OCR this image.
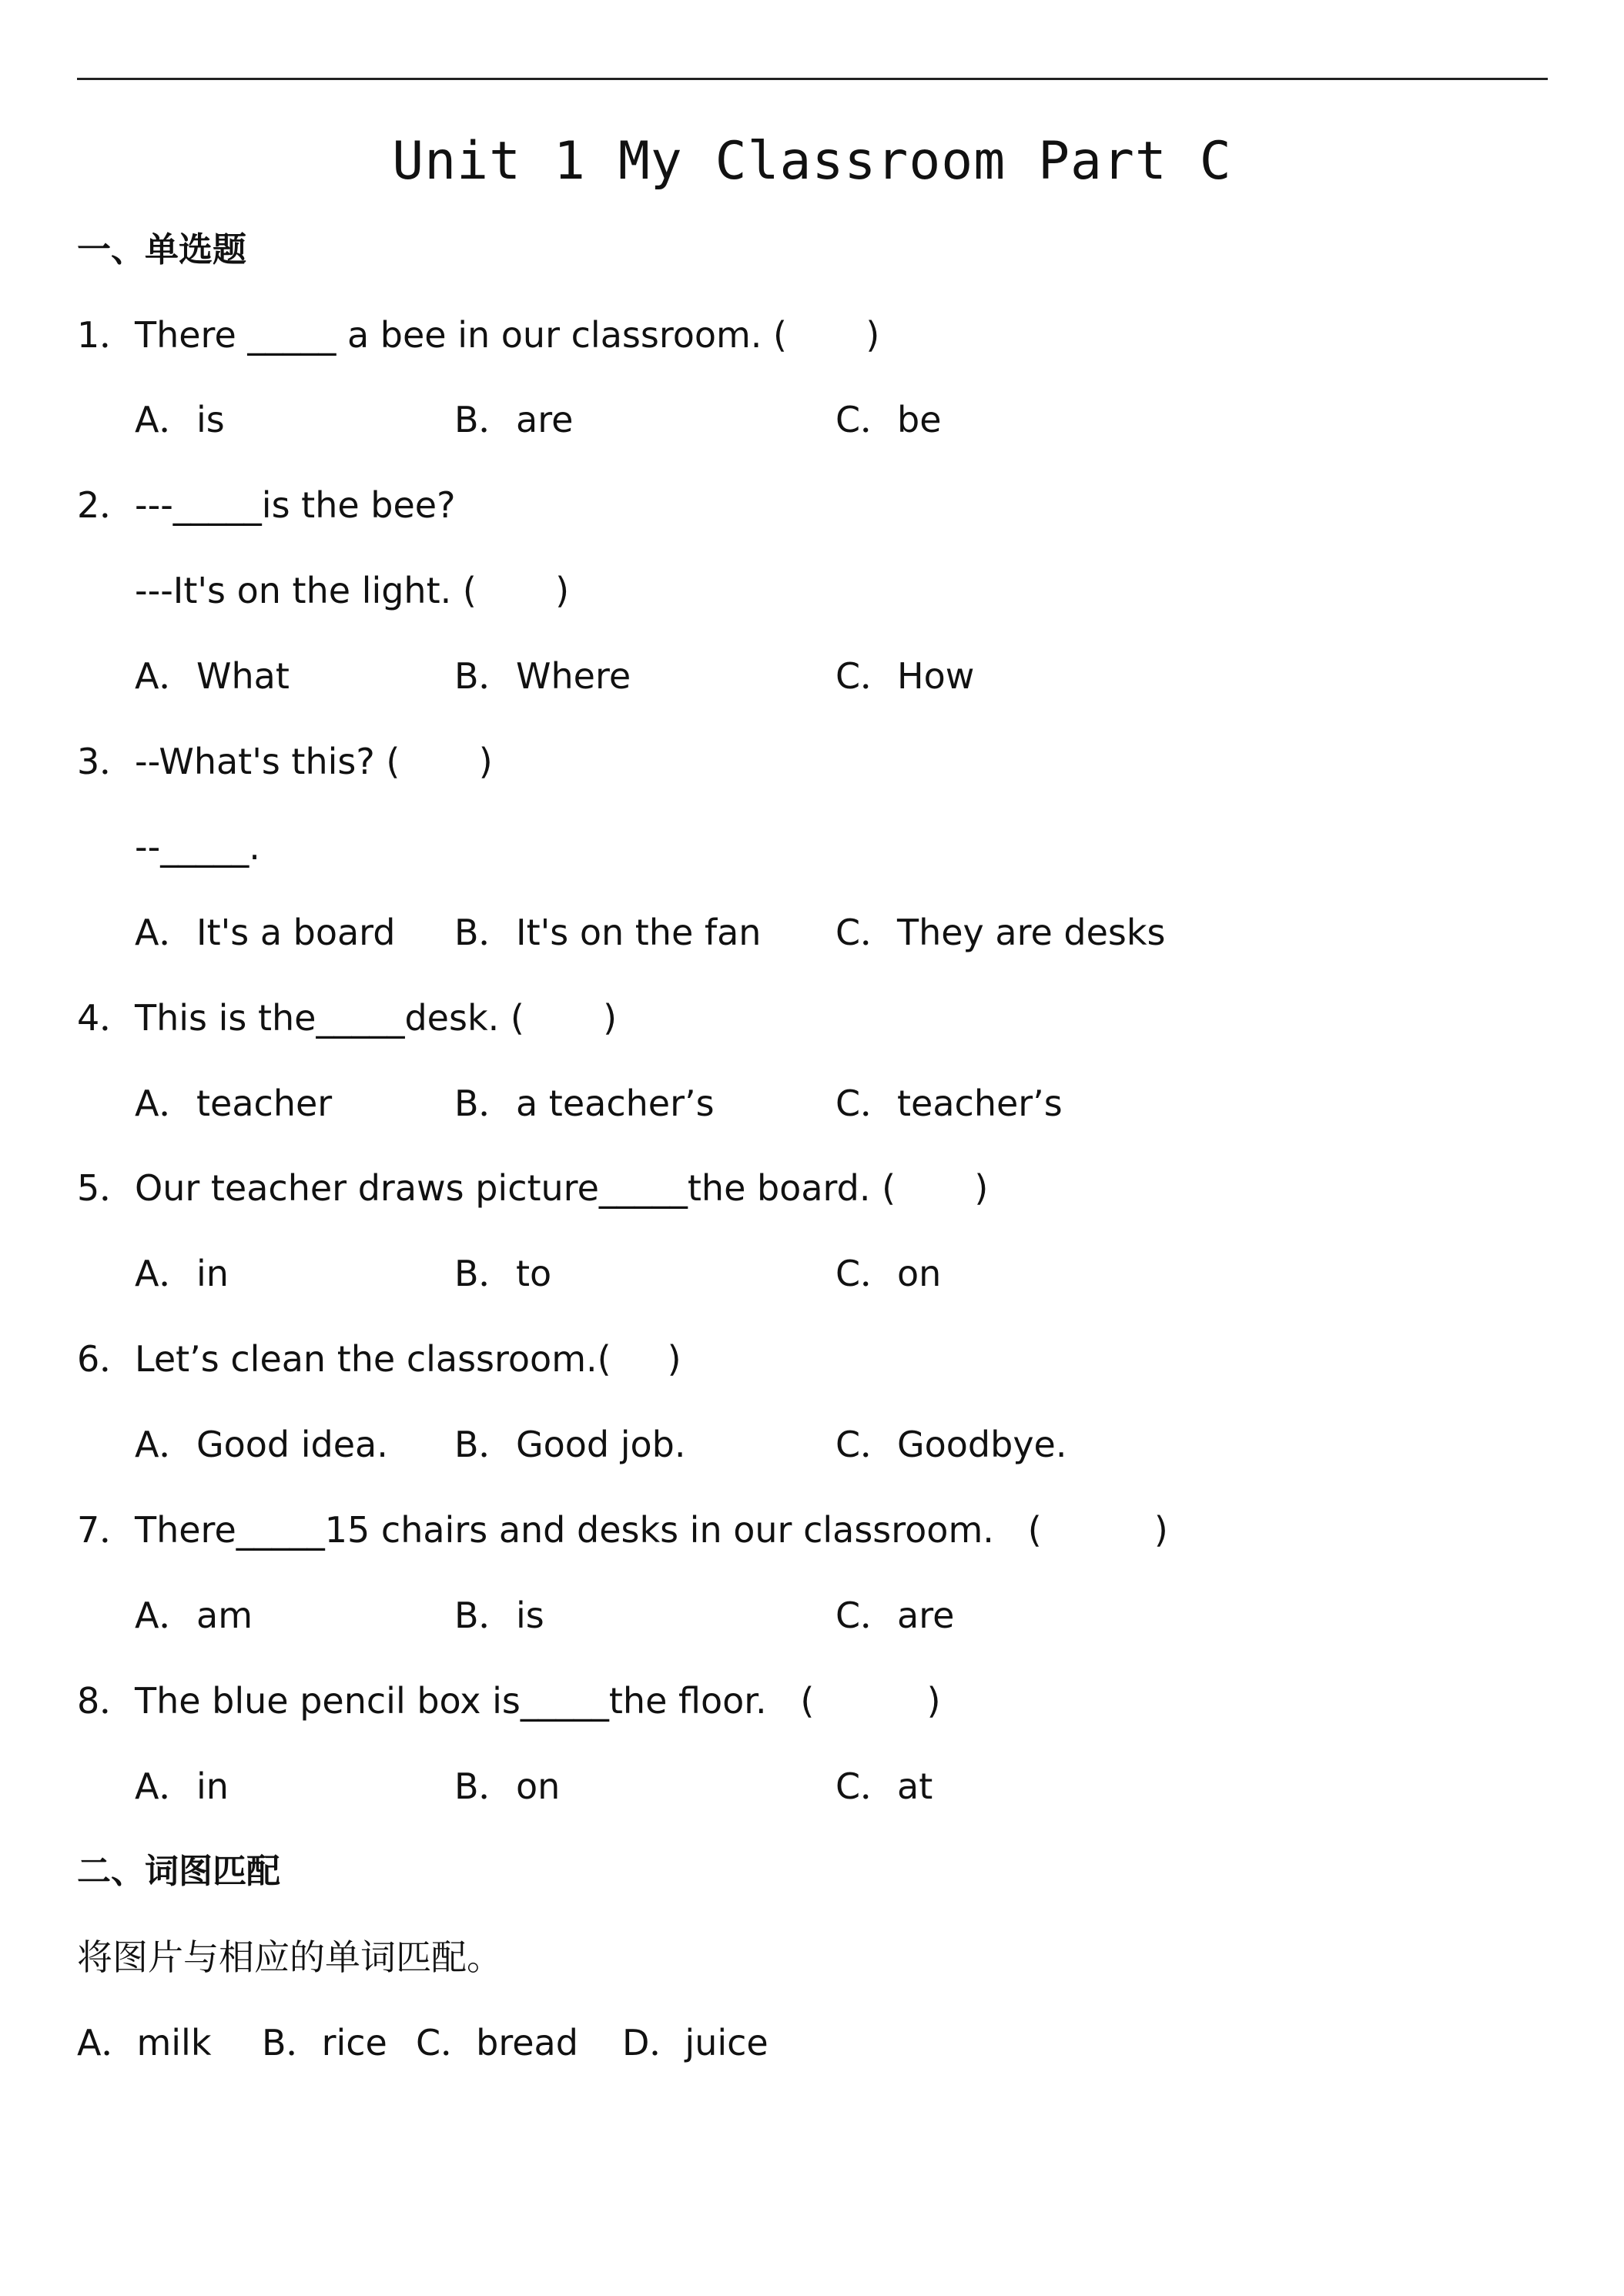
Unit 1 My Classroom Part C
一、单选题
1． There _____ a bee in our classroom. (       )
A．is	B．are	C．be
2． ---_____is the bee?
---It's on the light. (       )
A．What	B．Where	C．How
3． --What's this? (       )
--_____.
A．It's a board B．It's on the fan C．They are desks
4． This is the_____desk. (       )
A．teacher	B．a teacher’s	C．teacher’s
5． Our teacher draws picture_____the board. (       )
A．in	B．to	C．on
6． Let’s clean the classroom.(     )
A．Good idea. B．Good job.	C．Goodbye.
7． There_____15 chairs and desks in our classroom.   (          )
A．am	B．is	C．are
8． The blue pencil box is_____the floor.   (          )
A．in	B．on	C．at
二、词图匹配
将图片与相应的单词匹配。
A．milk B．rice C．bread D．juice
